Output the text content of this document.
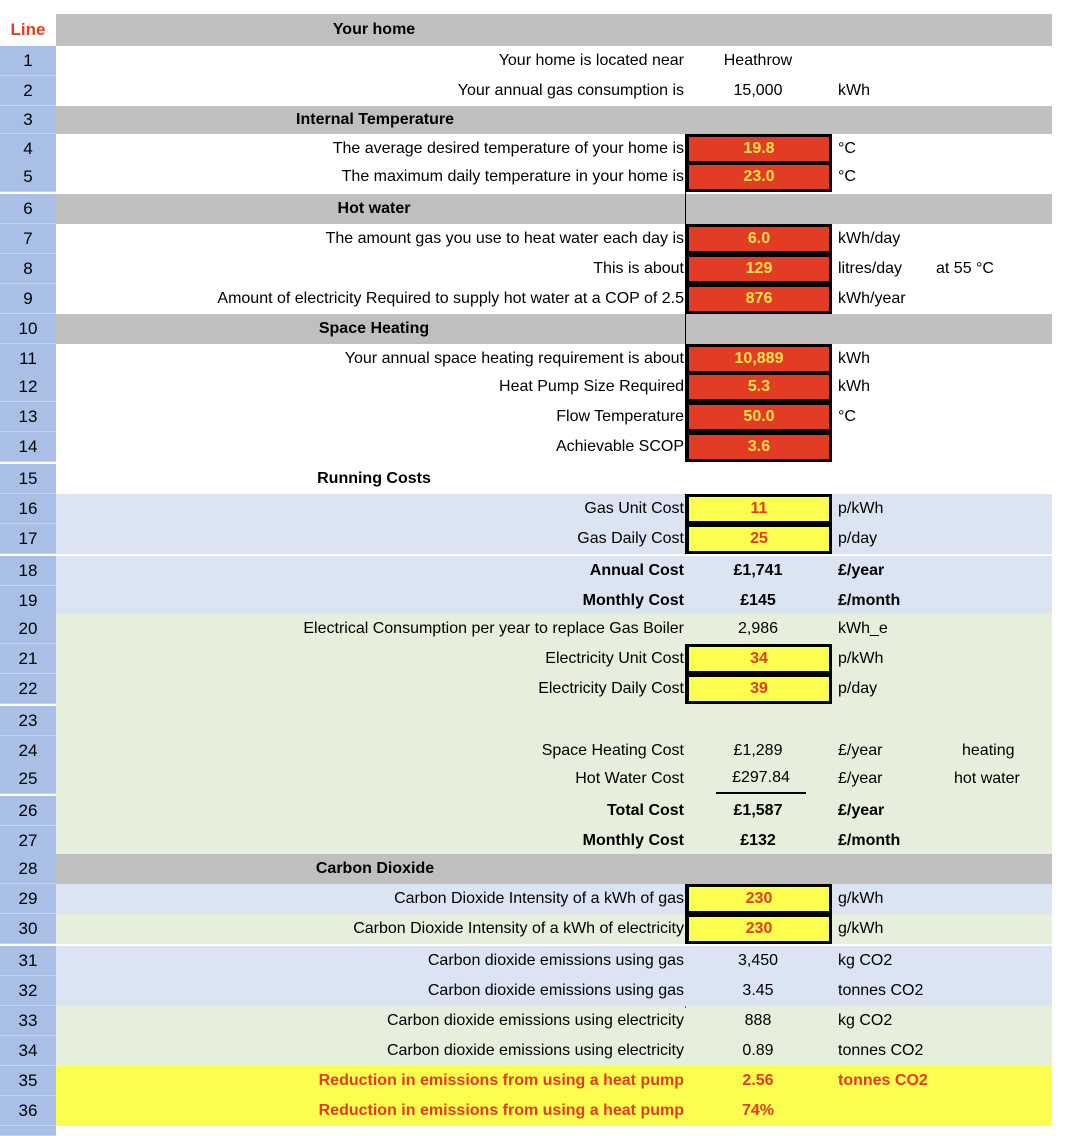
Line	Your home
1	Your home is located near	Heathrow
2	Your annual gas consumption is	15,000	kWh
3	Internal Temperature
4	The average desired temperature of your home is	19.8	°C
5	The maximum daily temperature in your home is	23.0	°C
6	Hot water
7	The amount gas you use to heat water each day is	6.0	kWh/day
8	This is about	129	litres/day at 55 °C
9	Amount of electricity Required to supply hot water at a COP of 2.5	876	kWh/year
10	Space Heating
11	Your annual space heating requirement is about	10,889	kWh
12	Heat Pump Size Required	5.3	kWh
13	Flow Temperature	50.0	°C
14	Achievable SCOP	3.6
15	Running Costs
16	Gas Unit Cost	11	p/kWh
17	Gas Daily Cost	25	p/day
18	Annual Cost	£1,741	£/year
19	Monthly Cost	£145	£/month
20	Electrical Consumption per year to replace Gas Boiler	2,986	kWh_e
21	Electricity Unit Cost	34	p/kWh
22	Electricity Daily Cost	39	p/day
23
24	Space Heating Cost	£1,289	£/year	heating
25	Hot Water Cost	£297.84	£/year	hot water
26	Total Cost	£1,587	£/year
27	Monthly Cost	£132	£/month
28	Carbon Dioxide
29	Carbon Dioxide Intensity of a kWh of gas	230	g/kWh
30	Carbon Dioxide Intensity of a kWh of electricity	230	g/kWh
31	Carbon dioxide emissions using gas	3,450	kg CO2
32	Carbon dioxide emissions using gas	3.45	tonnes CO2
33	Carbon dioxide emissions using electricity	888	kg CO2
34	Carbon dioxide emissions using electricity	0.89	tonnes CO2
35	Reduction in emissions from using a heat pump	2.56	tonnes CO2
36	Reduction in emissions from using a heat pump	74%
